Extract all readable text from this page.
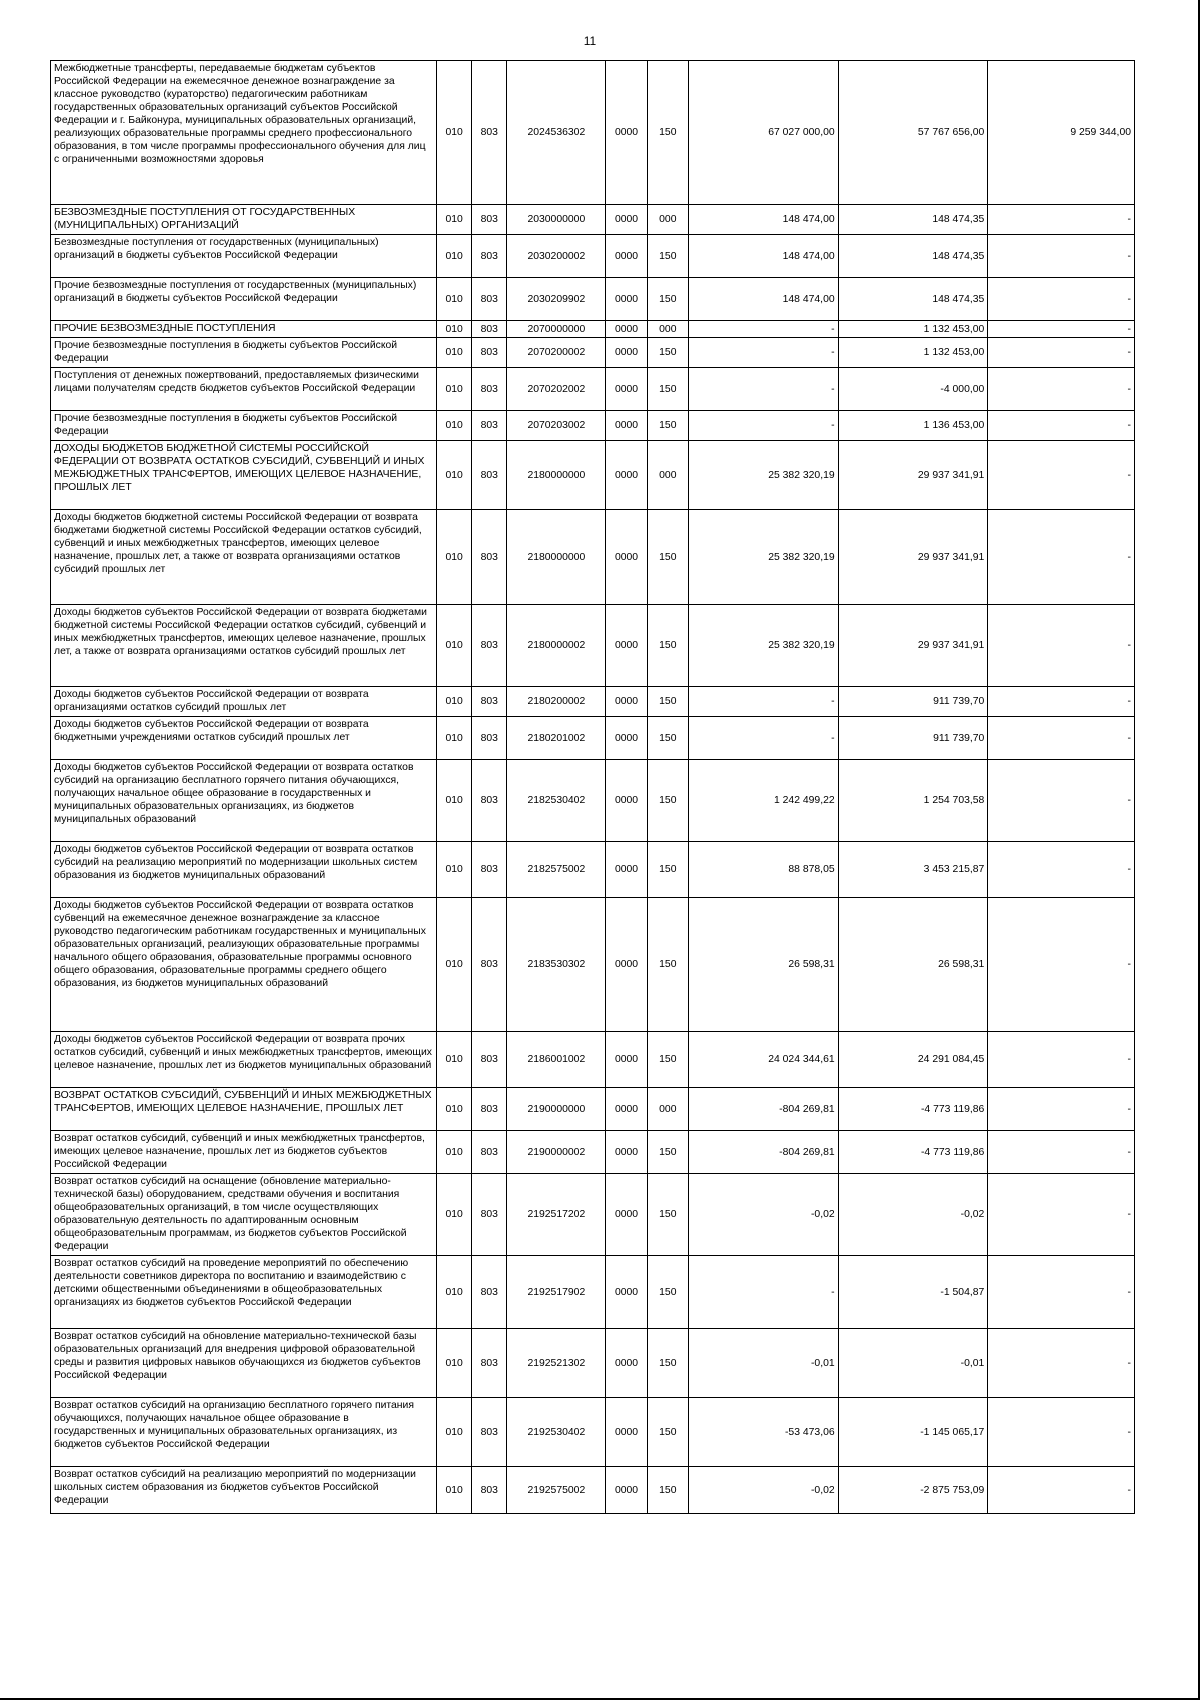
11
Межбюджетные трансферты, передаваемые бюджетам субъектов Российской Федерации на ежемесячное денежное вознаграждение за классное руководство (кураторство) педагогическим работникам государственных образовательных организаций субъектов Российской Федерации и г. Байконура, муниципальных образовательных организаций, реализующих образовательные программы среднего профессионального образования, в том числе программы профессионального обучения для лиц с ограниченными возможностями здоровья	010	803	2024536302	0000	150	67 027 000,00	57 767 656,00	9 259 344,00
БЕЗВОЗМЕЗДНЫЕ ПОСТУПЛЕНИЯ ОТ ГОСУДАРСТВЕННЫХ (МУНИЦИПАЛЬНЫХ) ОРГАНИЗАЦИЙ	010	803	2030000000	0000	000	148 474,00	148 474,35	-
Безвозмездные поступления от государственных (муниципальных) организаций в бюджеты субъектов Российской Федерации	010	803	2030200002	0000	150	148 474,00	148 474,35	-
Прочие безвозмездные поступления от государственных (муниципальных) организаций в бюджеты субъектов Российской Федерации	010	803	2030209902	0000	150	148 474,00	148 474,35	-
ПРОЧИЕ БЕЗВОЗМЕЗДНЫЕ ПОСТУПЛЕНИЯ	010	803	2070000000	0000	000	-	1 132 453,00	-
Прочие безвозмездные поступления в бюджеты субъектов Российской Федерации	010	803	2070200002	0000	150	-	1 132 453,00	-
Поступления от денежных пожертвований, предоставляемых физическими лицами получателям средств бюджетов субъектов Российской Федерации	010	803	2070202002	0000	150	-	-4 000,00	-
Прочие безвозмездные поступления в бюджеты субъектов Российской Федерации	010	803	2070203002	0000	150	-	1 136 453,00	-
ДОХОДЫ БЮДЖЕТОВ БЮДЖЕТНОЙ СИСТЕМЫ РОССИЙСКОЙ ФЕДЕРАЦИИ ОТ ВОЗВРАТА ОСТАТКОВ СУБСИДИЙ, СУБВЕНЦИЙ И ИНЫХ МЕЖБЮДЖЕТНЫХ ТРАНСФЕРТОВ, ИМЕЮЩИХ ЦЕЛЕВОЕ НАЗНАЧЕНИЕ, ПРОШЛЫХ ЛЕТ	010	803	2180000000	0000	000	25 382 320,19	29 937 341,91	-
Доходы бюджетов бюджетной системы Российской Федерации от возврата бюджетами бюджетной системы Российской Федерации остатков субсидий, субвенций и иных межбюджетных трансфертов, имеющих целевое назначение, прошлых лет, а также от возврата организациями остатков субсидий прошлых лет	010	803	2180000000	0000	150	25 382 320,19	29 937 341,91	-
Доходы бюджетов субъектов Российской Федерации от возврата бюджетами бюджетной системы Российской Федерации остатков субсидий, субвенций и иных межбюджетных трансфертов, имеющих целевое назначение, прошлых лет, а также от возврата организациями остатков субсидий прошлых лет	010	803	2180000002	0000	150	25 382 320,19	29 937 341,91	-
Доходы бюджетов субъектов Российской Федерации от возврата организациями остатков субсидий прошлых лет	010	803	2180200002	0000	150	-	911 739,70	-
Доходы бюджетов субъектов Российской Федерации от возврата бюджетными учреждениями остатков субсидий прошлых лет	010	803	2180201002	0000	150	-	911 739,70	-
Доходы бюджетов субъектов Российской Федерации от возврата остатков субсидий на организацию бесплатного горячего питания обучающихся, получающих начальное общее образование в государственных и муниципальных образовательных организациях, из бюджетов муниципальных образований	010	803	2182530402	0000	150	1 242 499,22	1 254 703,58	-
Доходы бюджетов субъектов Российской Федерации от возврата остатков субсидий на реализацию мероприятий по модернизации школьных систем образования из бюджетов муниципальных образований	010	803	2182575002	0000	150	88 878,05	3 453 215,87	-
Доходы бюджетов субъектов Российской Федерации от возврата остатков субвенций на ежемесячное денежное вознаграждение за классное руководство педагогическим работникам государственных и муниципальных образовательных организаций, реализующих образовательные программы начального общего образования, образовательные программы основного общего образования, образовательные программы среднего общего образования, из бюджетов муниципальных образований	010	803	2183530302	0000	150	26 598,31	26 598,31	-
Доходы бюджетов субъектов Российской Федерации от возврата прочих остатков субсидий, субвенций и иных межбюджетных трансфертов, имеющих целевое назначение, прошлых лет из бюджетов муниципальных образований	010	803	2186001002	0000	150	24 024 344,61	24 291 084,45	-
ВОЗВРАТ ОСТАТКОВ СУБСИДИЙ, СУБВЕНЦИЙ И ИНЫХ МЕЖБЮДЖЕТНЫХ ТРАНСФЕРТОВ, ИМЕЮЩИХ ЦЕЛЕВОЕ НАЗНАЧЕНИЕ, ПРОШЛЫХ ЛЕТ	010	803	2190000000	0000	000	-804 269,81	-4 773 119,86	-
Возврат остатков субсидий, субвенций и иных межбюджетных трансфертов, имеющих целевое назначение, прошлых лет из бюджетов субъектов Российской Федерации	010	803	2190000002	0000	150	-804 269,81	-4 773 119,86	-
Возврат остатков субсидий на оснащение (обновление материально-технической базы) оборудованием, средствами обучения и воспитания общеобразовательных организаций, в том числе осуществляющих образовательную деятельность по адаптированным основным общеобразовательным программам, из бюджетов субъектов Российской Федерации	010	803	2192517202	0000	150	-0,02	-0,02	-
Возврат остатков субсидий на проведение мероприятий по обеспечению деятельности советников директора по воспитанию и взаимодействию с детскими общественными объединениями в общеобразовательных организациях из бюджетов субъектов Российской Федерации	010	803	2192517902	0000	150	-	-1 504,87	-
Возврат остатков субсидий на обновление материально-технической базы образовательных организаций для внедрения цифровой образовательной среды и развития цифровых навыков обучающихся из бюджетов субъектов Российской Федерации	010	803	2192521302	0000	150	-0,01	-0,01	-
Возврат остатков субсидий на организацию бесплатного горячего питания обучающихся, получающих начальное общее образование в государственных и муниципальных образовательных организациях, из бюджетов субъектов Российской Федерации	010	803	2192530402	0000	150	-53 473,06	-1 145 065,17	-
Возврат остатков субсидий на реализацию мероприятий по модернизации школьных систем образования из бюджетов субъектов Российской Федерации	010	803	2192575002	0000	150	-0,02	-2 875 753,09	-
